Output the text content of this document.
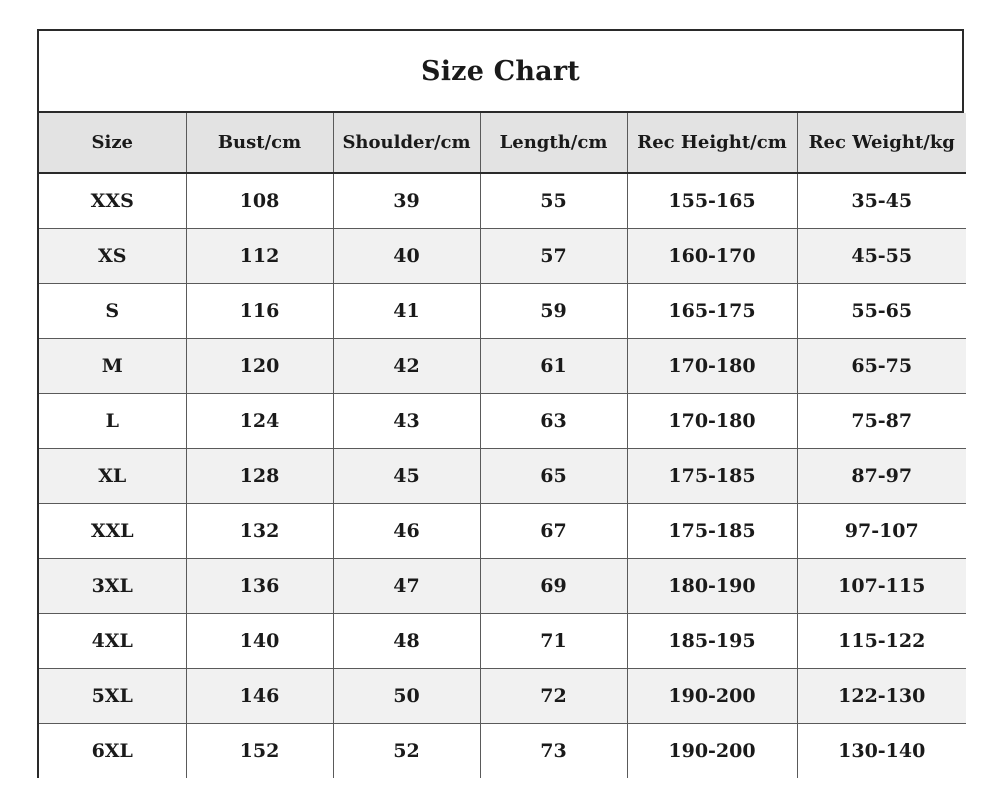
Size Chart
Size	Bust/cm	Shoulder/cm	Length/cm	Rec Height/cm	Rec Weight/kg
XXS	108	39	55	155-165	35-45
XS	112	40	57	160-170	45-55
S	116	41	59	165-175	55-65
M	120	42	61	170-180	65-75
L	124	43	63	170-180	75-87
XL	128	45	65	175-185	87-97
XXL	132	46	67	175-185	97-107
3XL	136	47	69	180-190	107-115
4XL	140	48	71	185-195	115-122
5XL	146	50	72	190-200	122-130
6XL	152	52	73	190-200	130-140
